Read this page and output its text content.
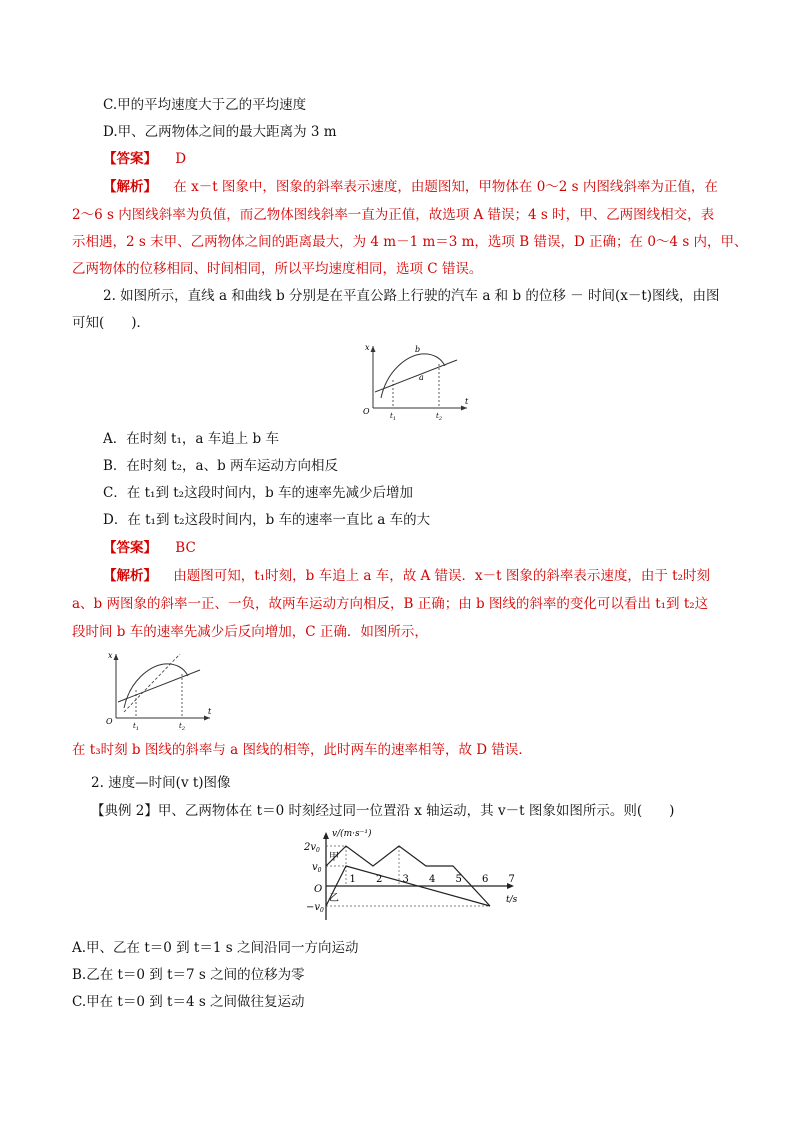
C.甲的平均速度大于乙的平均速度
D.甲、乙两物体之间的最大距离为 3 m
【答案】 D
【解析】 在 x－t 图象中，图象的斜率表示速度，由题图知，甲物体在 0～2 s 内图线斜率为正值，在
2～6 s 内图线斜率为负值，而乙物体图线斜率一直为正值，故选项 A 错误；4 s 时，甲、乙两图线相交，表
示相遇，2 s 末甲、乙两物体之间的距离最大，为 4 m－1 m＝3 m，选项 B 错误，D 正确；在 0～4 s 内，甲、
乙两物体的位移相同、时间相同，所以平均速度相同，选项 C 错误。
2. 如图所示，直线 a 和曲线 b 分别是在平直公路上行驶的汽车 a 和 b 的位移 － 时间(x－t)图线，由图
可知(　　)．
x	b
a
O	$t_1$	$t_2$
t
A．在时刻 t₁，a 车追上 b 车
B．在时刻 t₂，a、b 两车运动方向相反
C．在 t₁到 t₂这段时间内，b 车的速率先减少后增加
D．在 t₁到 t₂这段时间内，b 车的速率一直比 a 车的大
【答案】 BC
【解析】 由题图可知，t₁时刻，b 车追上 a 车，故 A 错误．x－t 图象的斜率表示速度，由于 t₂时刻
a、b 两图象的斜率一正、一负，故两车运动方向相反，B 正确；由 b 图线的斜率的变化可以看出 t₁到 t₂这
段时间 b 车的速率先减少后反向增加，C 正确．如图所示，
x
O	$t_1$	$t_2$
t
在 t₃时刻 b 图线的斜率与 a 图线的相等，此时两车的速率相等，故 D 错误．
2. 速度—时间(v t)图像
【典例 2】甲、乙两物体在 t＝0 时刻经过同一位置沿 x 轴运动，其 v－t 图象如图所示。则(　　)
v/(m·s⁻¹)
$2v_0$
$v_0$
$-v_0$
O
甲
乙
1 2 3 4 5 6 7
t/s
A.甲、乙在 t＝0 到 t＝1 s 之间沿同一方向运动
B.乙在 t＝0 到 t＝7 s 之间的位移为零
C.甲在 t＝0 到 t＝4 s 之间做往复运动
